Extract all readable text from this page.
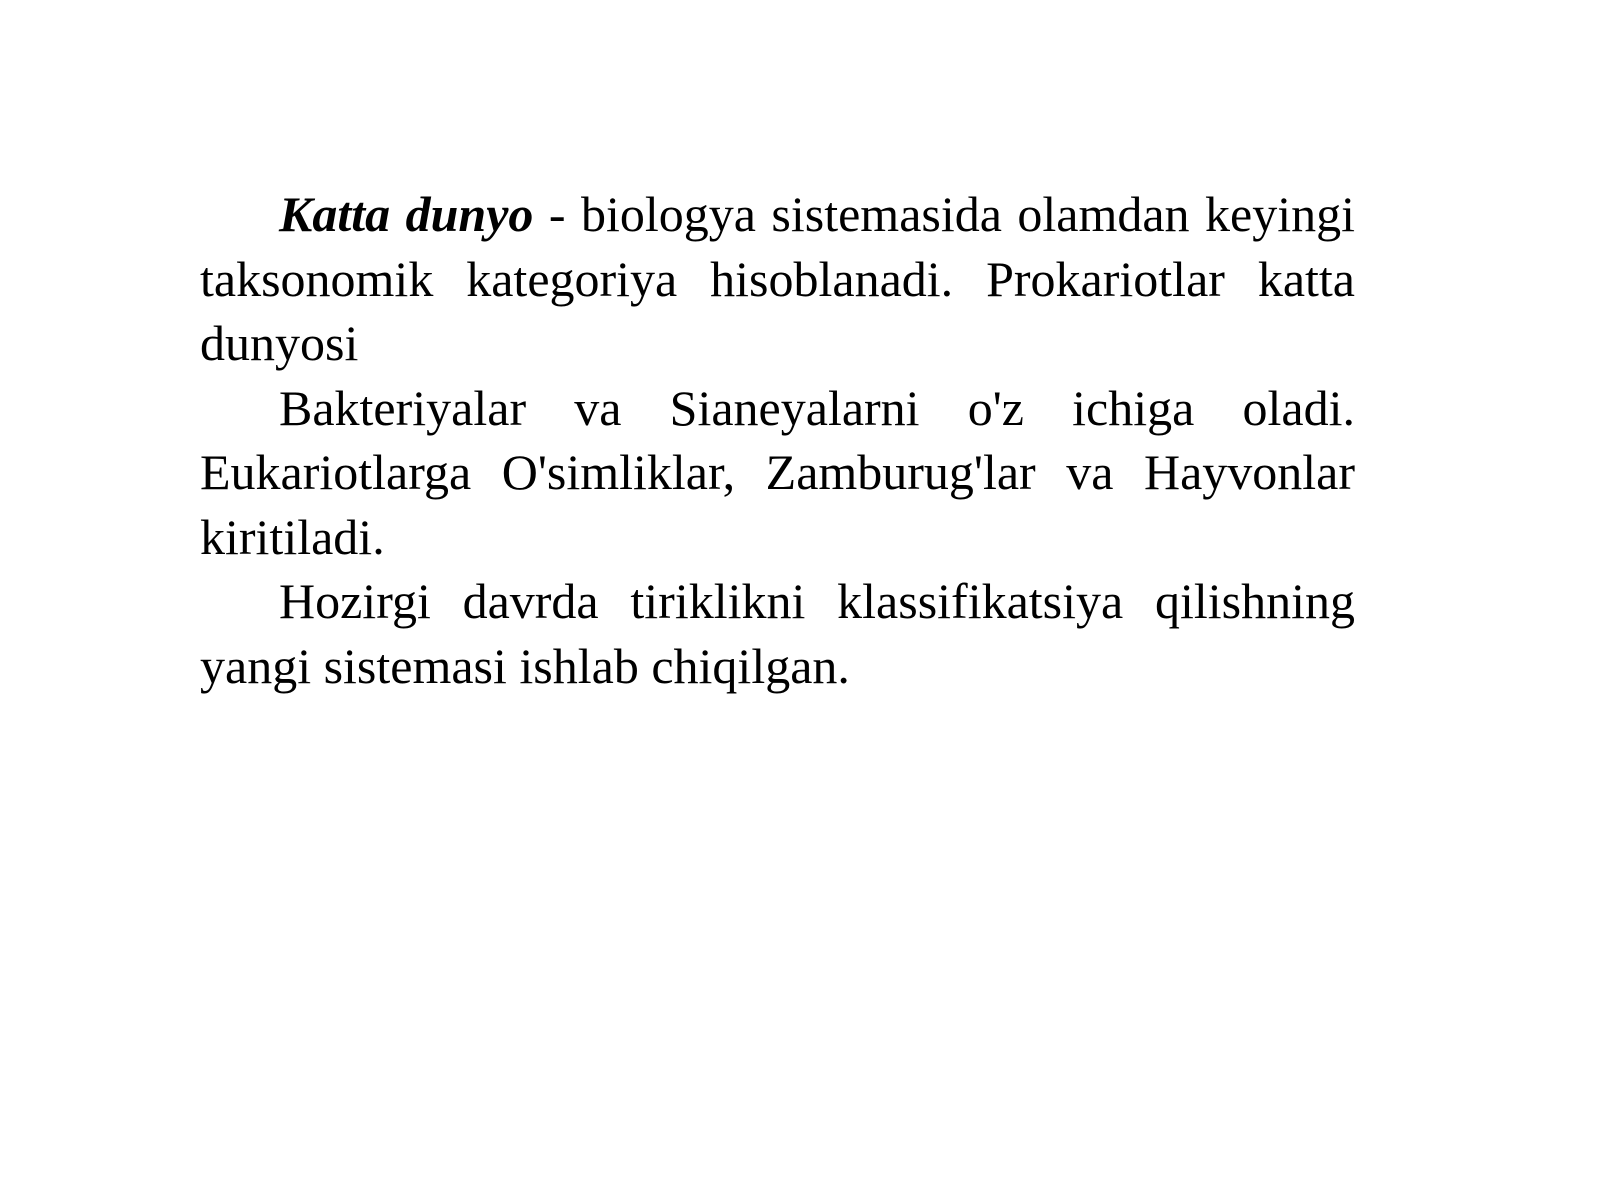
Katta dunyo - biologya sistemasida olamdan keyingi taksonomik kategoriya hisoblanadi. Prokariotlar katta dunyosi

Bakteriyalar va Sianeyalarni o'z ichiga oladi. Eukariotlarga O'simliklar, Zamburug'lar va Hayvonlar kiritiladi.

Hozirgi davrda tiriklikni klassifikatsiya qilishning yangi sistemasi ishlab chiqilgan.
